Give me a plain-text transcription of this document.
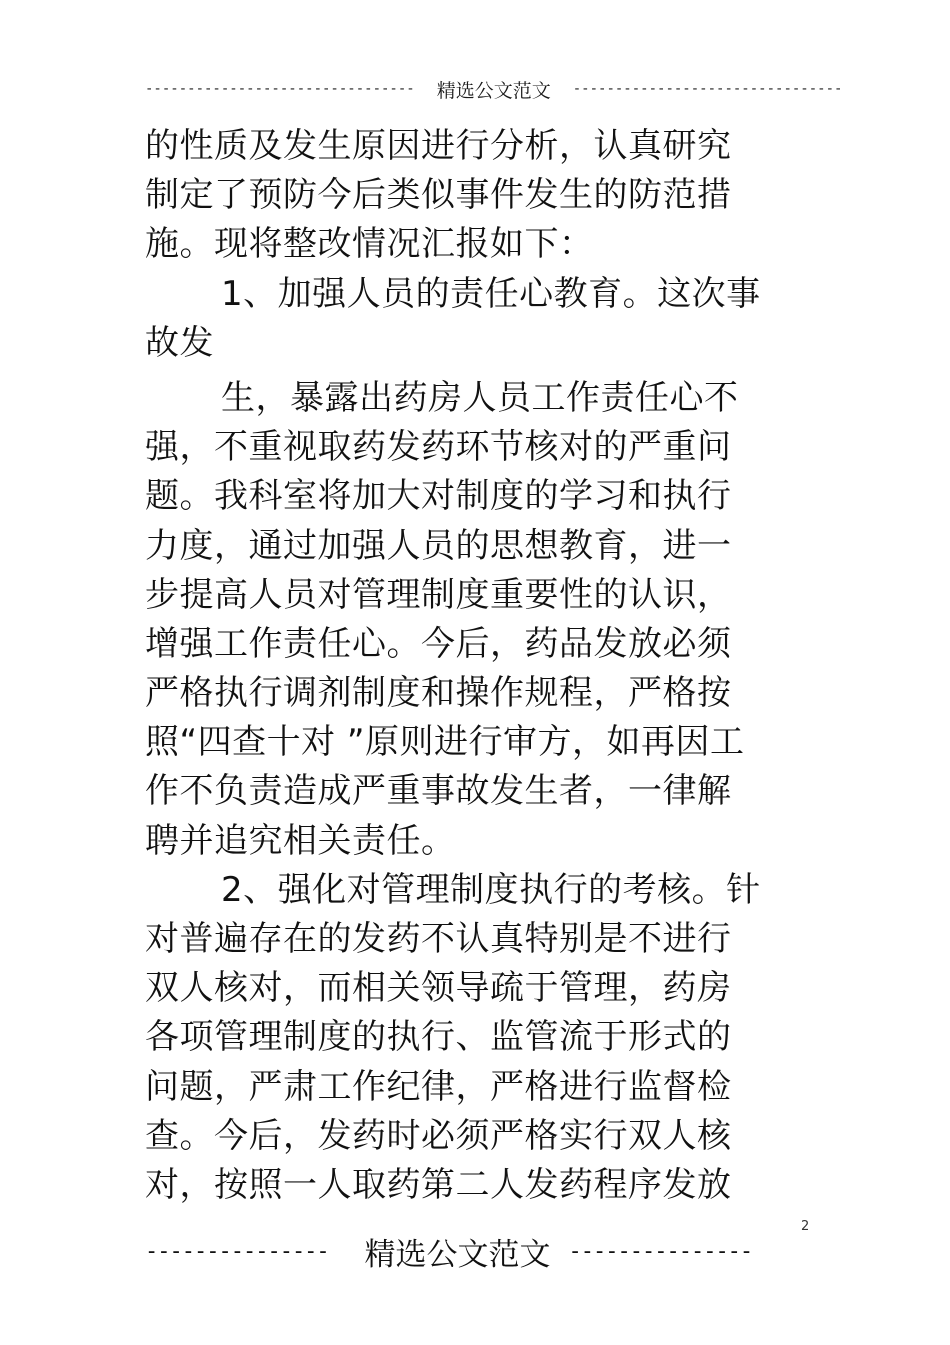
--------------------------------	精选公文范文	--------------------------------
的性质及发生原因进行分析，认真研究
制定了预防今后类似事件发生的防范措
施。现将整改情况汇报如下：
1、加强人员的责任心教育。这次事
故发
生，暴露出药房人员工作责任心不
强，不重视取药发药环节核对的严重问
题。我科室将加大对制度的学习和执行
力度，通过加强人员的思想教育，进一
步提高人员对管理制度重要性的认识，
增强工作责任心。今后，药品发放必须
严格执行调剂制度和操作规程，严格按
照“四查十对 ”原则进行审方，如再因工
作不负责造成严重事故发生者，一律解
聘并追究相关责任。
2、强化对管理制度执行的考核。针
对普遍存在的发药不认真特别是不进行
双人核对，而相关领导疏于管理，药房
各项管理制度的执行、监管流于形式的
问题，严肃工作纪律，严格进行监督检
查。今后，发药时必须严格实行双人核
对，按照一人取药第二人发药程序发放
2
---------------	精选公文范文 ---------------
